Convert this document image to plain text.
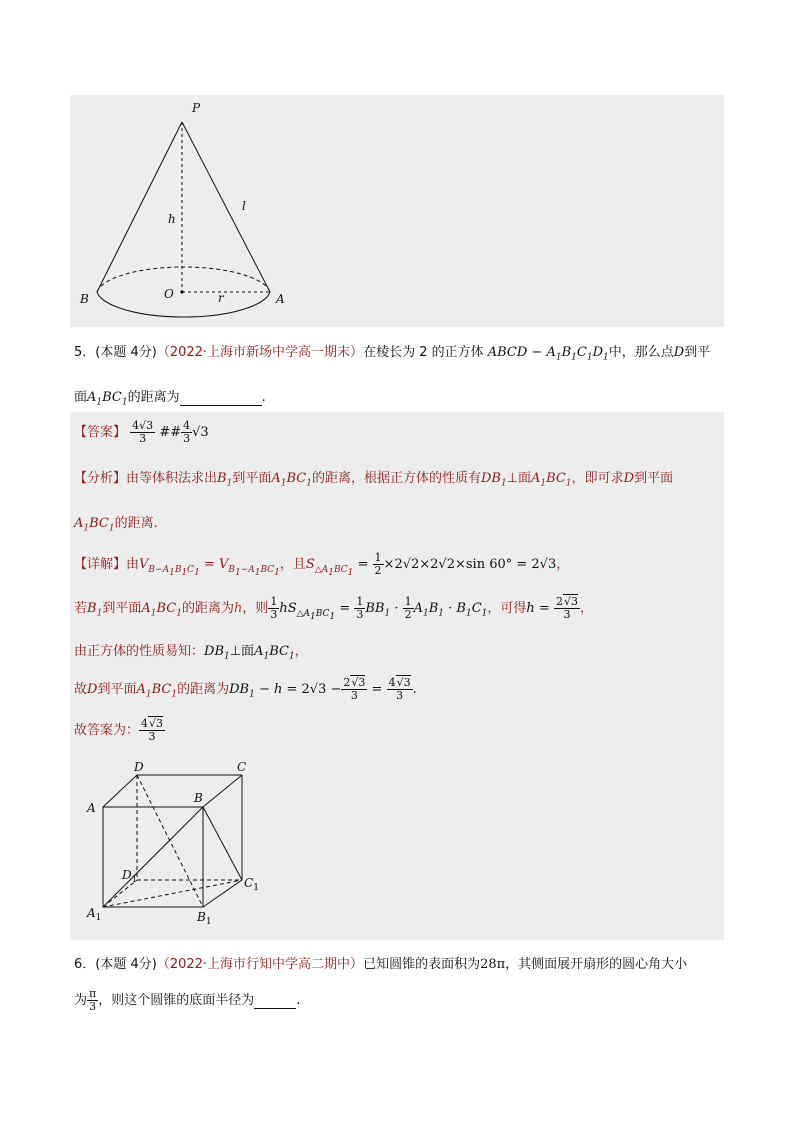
P
h
l
B	O	r	A
5．(本题 4分)（2022·上海市新场中学高一期末）在棱长为 2 的正方体 ABCD − $A_1B_1C_1D_1$中，那么点D到平
面$A_1BC_1$的距离为	.
【答案】 $\frac{4√3}{3}$ ## $\frac{4}{3} √3$
【分析】由等体积法求出$B_1$到平面$A_1BC_1$的距离，根据正方体的性质有$DB_1\perp$面$A_1BC_1$，即可求D到平面
$A_1BC_1$的距离.
【详解】由$V_{B-A_1B_1C_1} = V_{B_1-A_1BC_1}$，且$S_{\triangle A_1BC_1} = \frac{1}{2} \times 2√2\times 2√2\times\sin$ 60° = 2√3，
若$B_1$到平面$A_1BC_1$的距离为h，则 $\frac{1}{3} hS_{\triangle A_1BC_1} = \frac{1}{3} BB_1 \cdot \frac{1}{2} A_1B_1 \cdot B_1C_1$，可得$h = \frac{2√3}{3}$ ，
由正方体的性质易知：$DB_1\perp$面$A_1BC_1$，
故D到平面$A_1BC_1$的距离为$DB_1 - h = 2√3 - \frac{2√3}{3} = \frac{4√3}{3}$ .
故答案为： $\frac{4√3}{3}$
D	C
A
B
$D_1$	$C_1$
$A_1$	$B_1$
6．(本题 4分)（2022·上海市行知中学高二期中）已知圆锥的表面积为28π，其侧面展开扇形的圆心角大小
为 $\frac{\pi}{3}$ ，则这个圆锥的底面半径为	.
